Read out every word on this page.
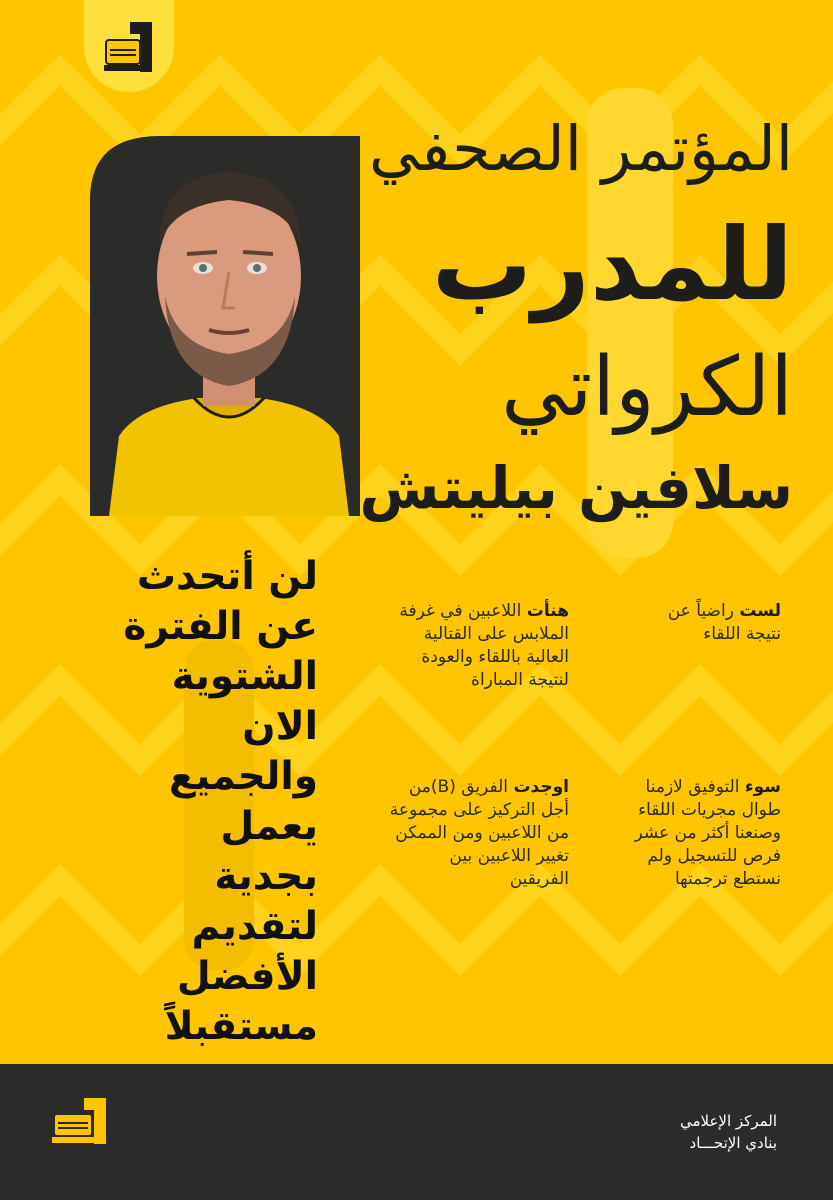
المؤتمر الصحفي
للمدرب
الكرواتي
سلافين بيليتش
لن أتحدث
عن الفترة
الشتوية
الان
والجميع
يعمل
بجدية
لتقديم
الأفضل
مستقبلاً
لست راضياً عن نتيجة اللقاء
هنأت اللاعبين في غرفة الملابس على القتالية العالية باللقاء والعودة لنتيجة المباراة
سوء التوفيق لازمنا طوال مجريات اللقاء وصنعنا أكثر من عشر فرص للتسجيل ولم نستطع ترجمتها
اوجدت الفريق (B)من أجل التركيز على مجموعة من اللاعبين ومن الممكن تغيير اللاعبين بين الفريقين
المركز الإعلامي
بنادي الإتحـــاد
